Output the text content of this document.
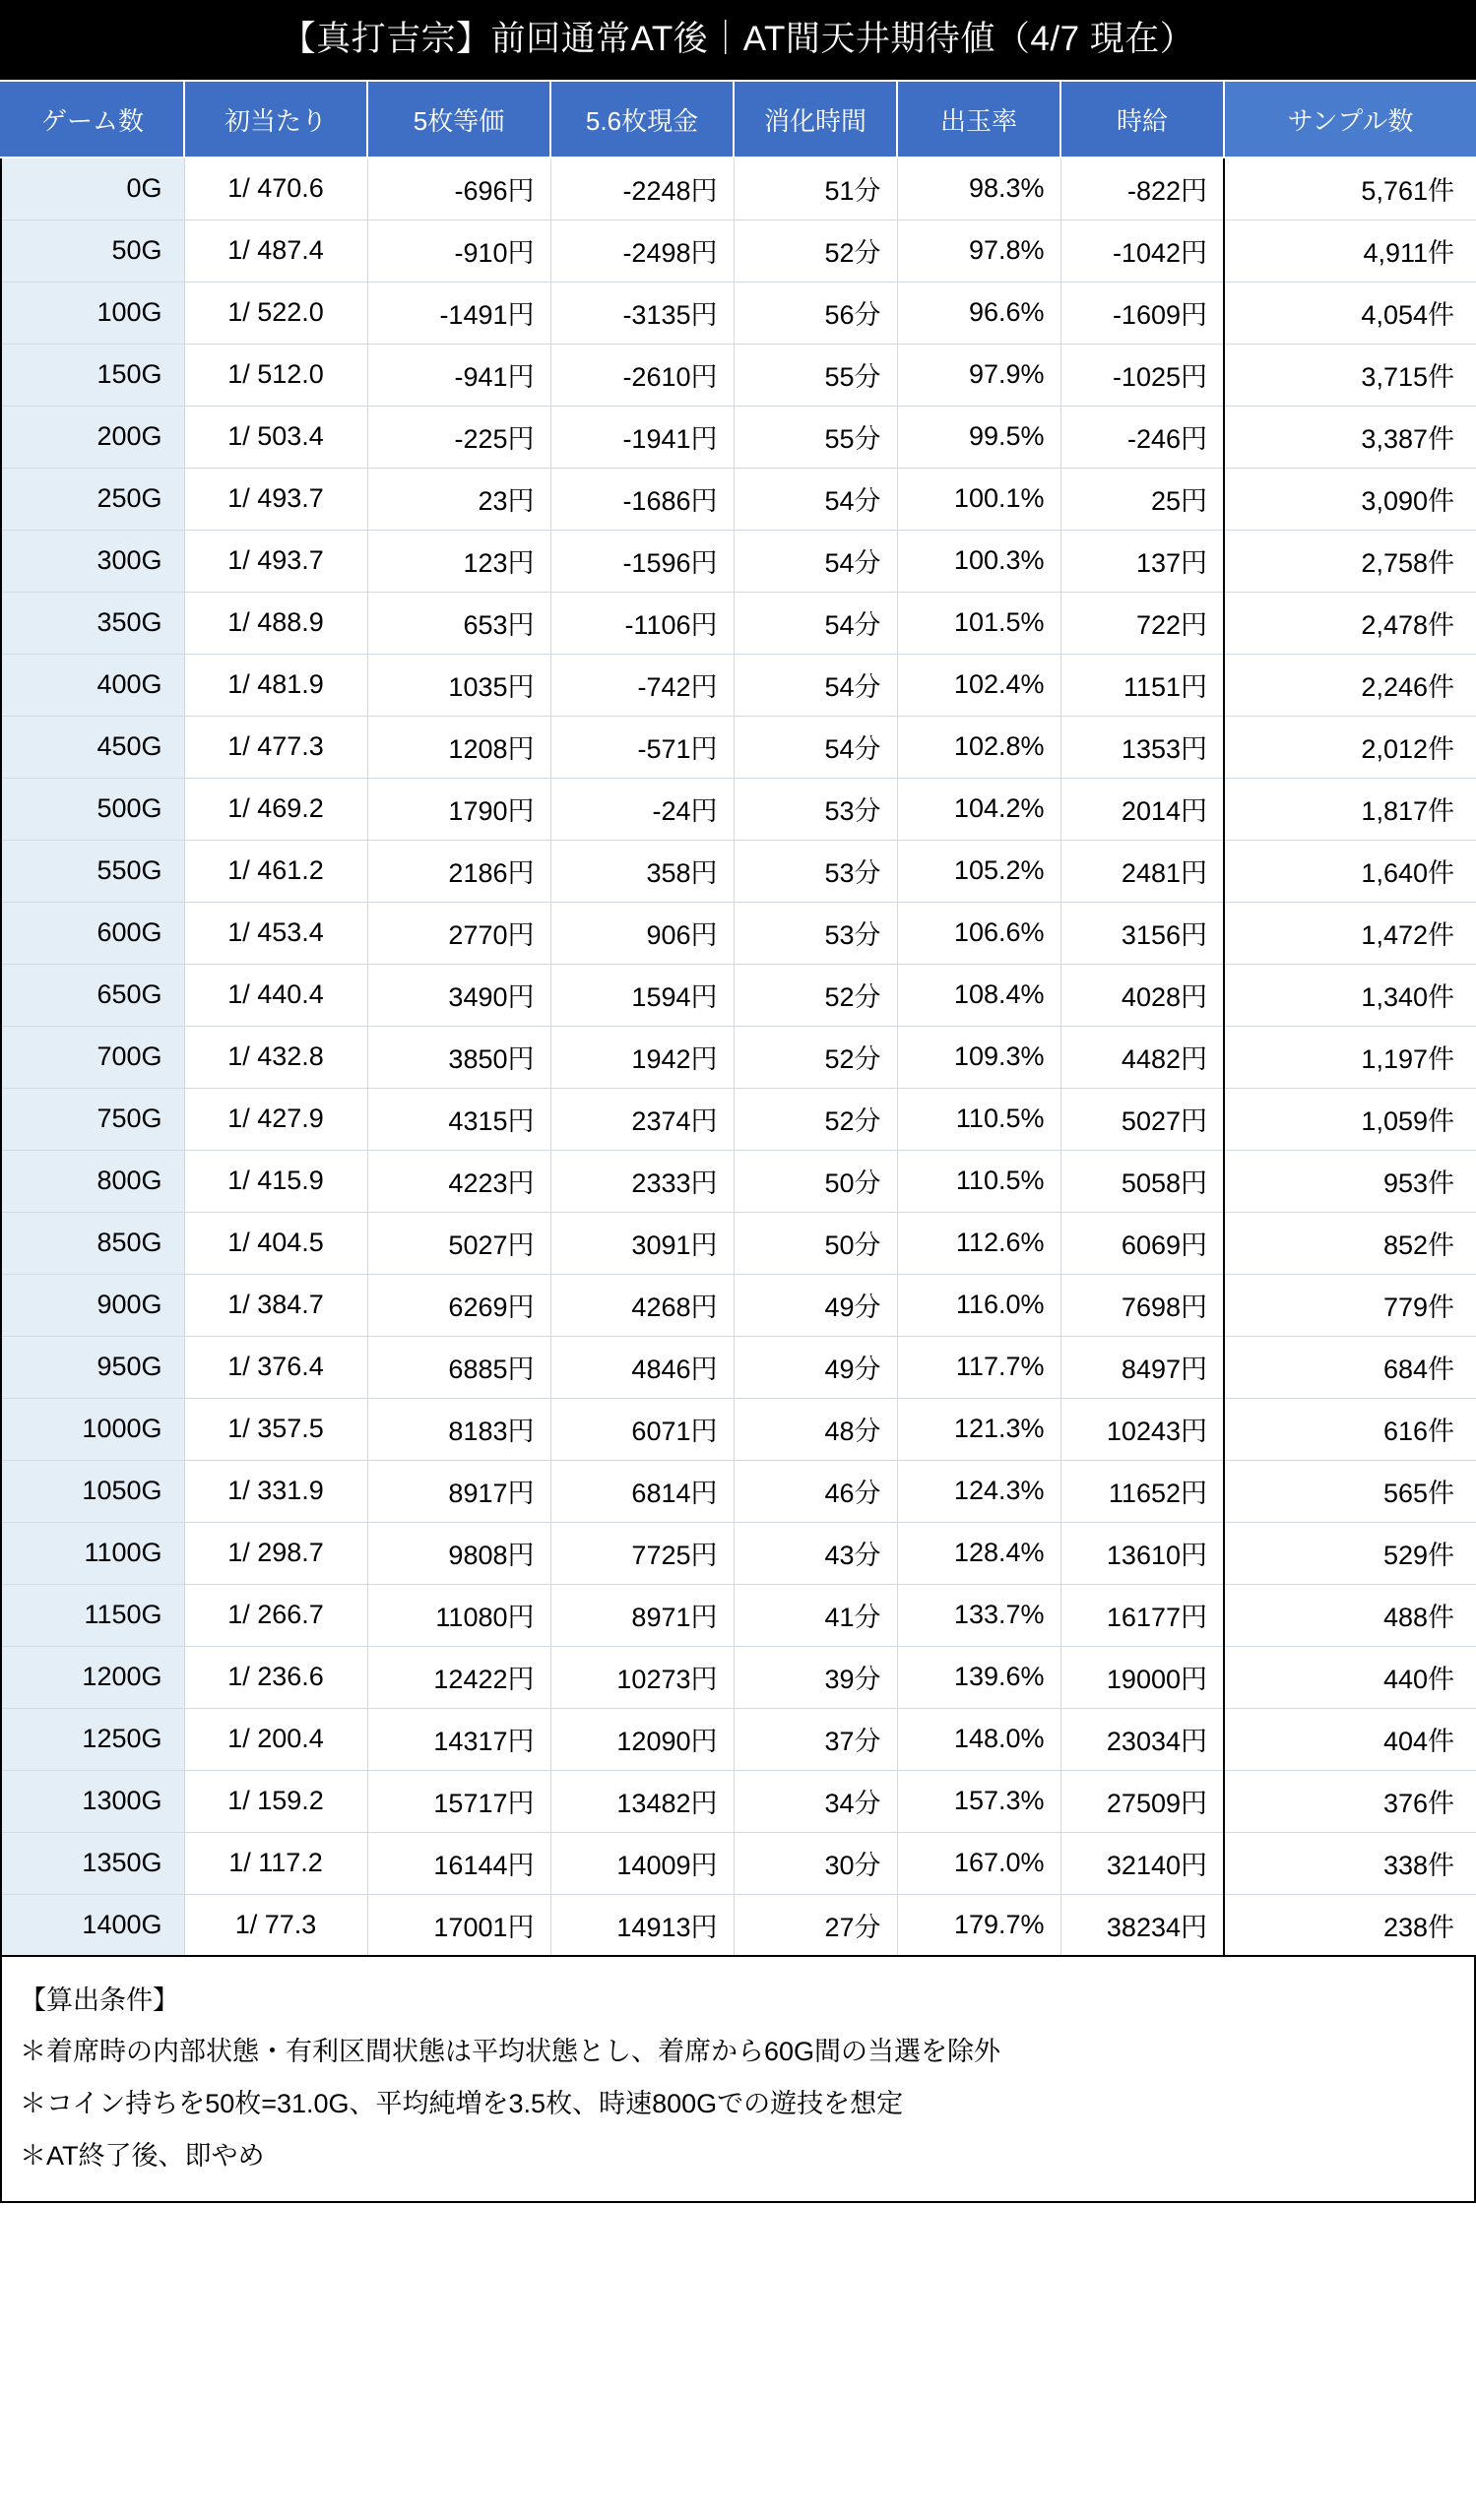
【真打吉宗】前回通常AT後｜AT間天井期待値（4/7 現在）
ゲーム数	初当たり	5枚等価	5.6枚現金	消化時間	出玉率	時給	サンプル数
0G	1/ 470.6	-696円	-2248円	51分	98.3%	-822円	5,761件
50G	1/ 487.4	-910円	-2498円	52分	97.8%	-1042円	4,911件
100G	1/ 522.0	-1491円	-3135円	56分	96.6%	-1609円	4,054件
150G	1/ 512.0	-941円	-2610円	55分	97.9%	-1025円	3,715件
200G	1/ 503.4	-225円	-1941円	55分	99.5%	-246円	3,387件
250G	1/ 493.7	23円	-1686円	54分	100.1%	25円	3,090件
300G	1/ 493.7	123円	-1596円	54分	100.3%	137円	2,758件
350G	1/ 488.9	653円	-1106円	54分	101.5%	722円	2,478件
400G	1/ 481.9	1035円	-742円	54分	102.4%	1151円	2,246件
450G	1/ 477.3	1208円	-571円	54分	102.8%	1353円	2,012件
500G	1/ 469.2	1790円	-24円	53分	104.2%	2014円	1,817件
550G	1/ 461.2	2186円	358円	53分	105.2%	2481円	1,640件
600G	1/ 453.4	2770円	906円	53分	106.6%	3156円	1,472件
650G	1/ 440.4	3490円	1594円	52分	108.4%	4028円	1,340件
700G	1/ 432.8	3850円	1942円	52分	109.3%	4482円	1,197件
750G	1/ 427.9	4315円	2374円	52分	110.5%	5027円	1,059件
800G	1/ 415.9	4223円	2333円	50分	110.5%	5058円	953件
850G	1/ 404.5	5027円	3091円	50分	112.6%	6069円	852件
900G	1/ 384.7	6269円	4268円	49分	116.0%	7698円	779件
950G	1/ 376.4	6885円	4846円	49分	117.7%	8497円	684件
1000G	1/ 357.5	8183円	6071円	48分	121.3%	10243円	616件
1050G	1/ 331.9	8917円	6814円	46分	124.3%	11652円	565件
1100G	1/ 298.7	9808円	7725円	43分	128.4%	13610円	529件
1150G	1/ 266.7	11080円	8971円	41分	133.7%	16177円	488件
1200G	1/ 236.6	12422円	10273円	39分	139.6%	19000円	440件
1250G	1/ 200.4	14317円	12090円	37分	148.0%	23034円	404件
1300G	1/ 159.2	15717円	13482円	34分	157.3%	27509円	376件
1350G	1/ 117.2	16144円	14009円	30分	167.0%	32140円	338件
1400G	1/ 77.3	17001円	14913円	27分	179.7%	38234円	238件
【算出条件】
＊着席時の内部状態・有利区間状態は平均状態とし、着席から60G間の当選を除外
＊コイン持ちを50枚=31.0G、平均純増を3.5枚、時速800Gでの遊技を想定
＊AT終了後、即やめ
